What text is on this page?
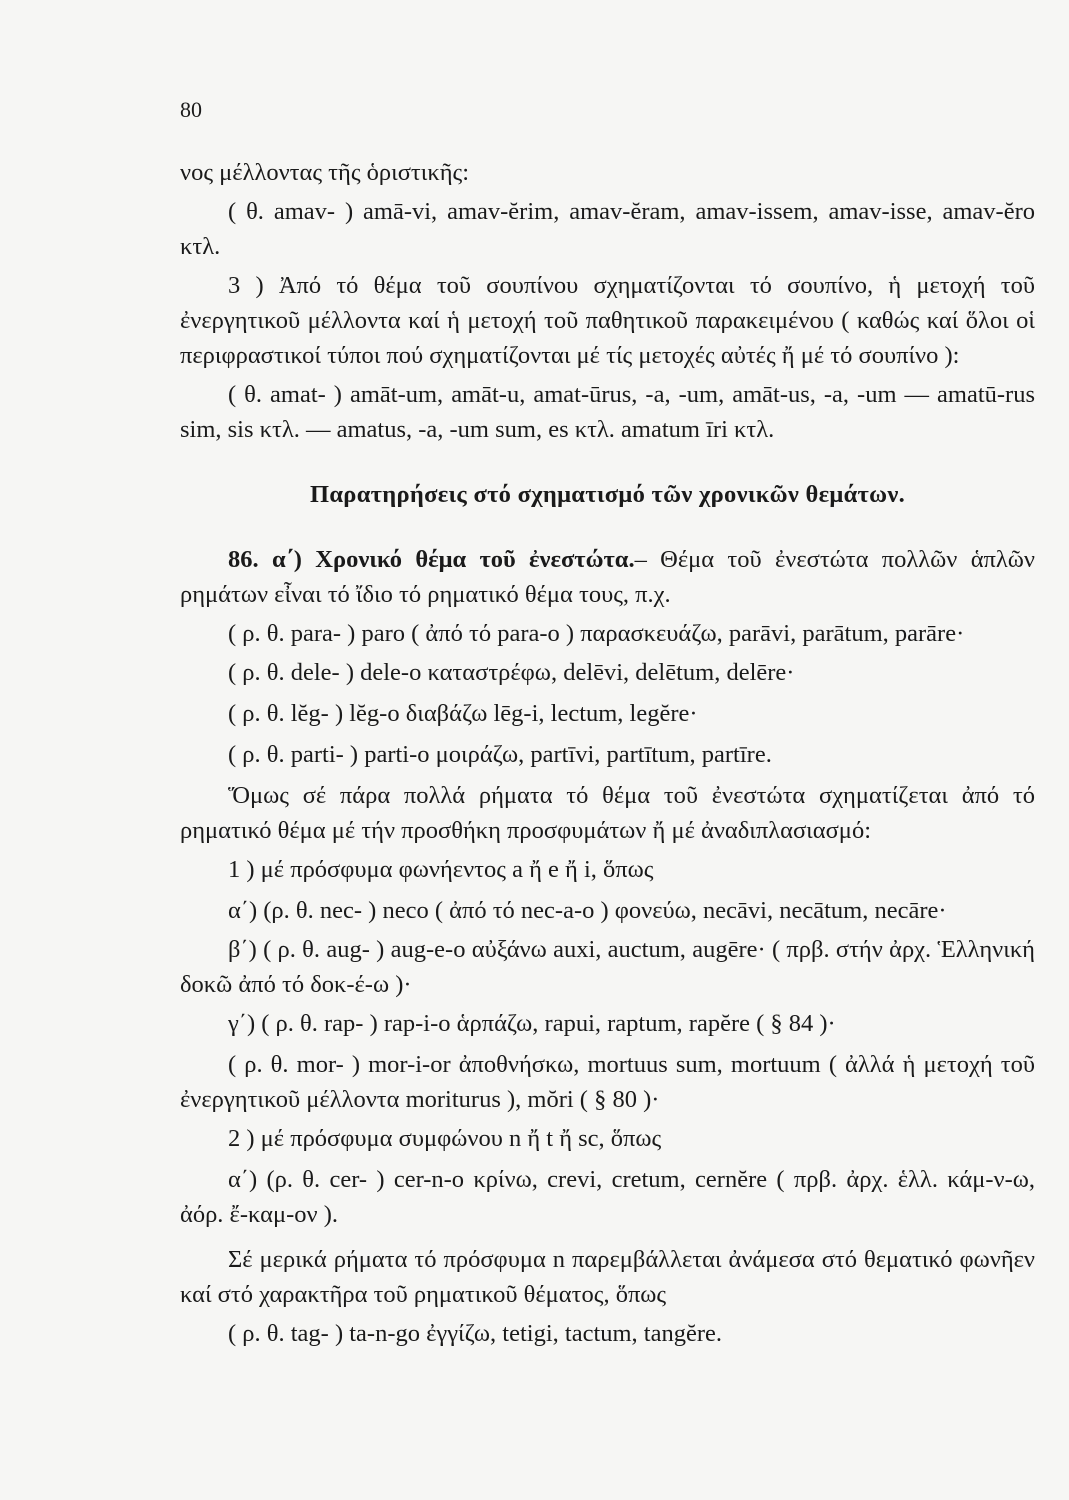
80

νος μέλλοντας τῆς ὁριστικῆς:

( θ. amav- ) amā-vi, amav-ĕrim, amav-ĕram, amav-issem, amav-isse, amav-ĕro κτλ.

3 ) Ἀπό τό θέμα τοῦ σουπίνου σχηματίζονται τό σουπίνο, ἡ μετοχή τοῦ ἐνεργητικοῦ μέλλοντα καί ἡ μετοχή τοῦ παθητικοῦ παρακειμένου ( καθώς καί ὅλοι οἱ περιφραστικοί τύποι πού σχηματίζονται μέ τίς μετοχές αὐτές ἤ μέ τό σουπίνο ):

( θ. amat- ) amāt-um, amāt-u, amat-ūrus, -a, -um, amāt-us, -a, -um — amatū-rus sim, sis κτλ. — amatus, -a, -um sum, es κτλ. amatum īri κτλ.

Παρατηρήσεις στό σχηματισμό τῶν χρονικῶν θεμάτων.

86. α΄) Χρονικό θέμα τοῦ ἐνεστώτα.– Θέμα τοῦ ἐνεστώτα πολλῶν ἁπλῶν ρημάτων εἶναι τό ἴδιο τό ρηματικό θέμα τους, π.χ.

( ρ. θ. para- ) paro ( ἀπό τό para-o ) παρασκευάζω, parāvi, parātum, parāre·

( ρ. θ. dele- ) dele-o καταστρέφω, delēvi, delētum, delēre·
( ρ. θ. lĕg- ) lĕg-o διαβάζω lēg-i, lectum, legĕre·
( ρ. θ. parti- ) parti-o μοιράζω, partīvi, partītum, partīre.

Ὅμως σέ πάρα πολλά ρήματα τό θέμα τοῦ ἐνεστώτα σχηματίζεται ἀπό τό ρηματικό θέμα μέ τήν προσθήκη προσφυμάτων ἤ μέ ἀναδιπλασιασμό:

1 ) μέ πρόσφυμα φωνήεντος a ἤ e ἤ i, ὅπως

α΄) (ρ. θ. nec- ) neco ( ἀπό τό nec-a-o ) φονεύω, necāvi, necātum, necāre·

β΄) ( ρ. θ. aug- ) aug-e-o αὐξάνω auxi, auctum, augēre· ( πρβ. στήν ἀρχ. Ἑλληνική δοκῶ ἀπό τό δοκ-έ-ω )·

γ΄) ( ρ. θ. rap- ) rap-i-o ἁρπάζω, rapui, raptum, rapĕre ( § 84 )·

( ρ. θ. mor- ) mor-i-or ἀποθνήσκω, mortuus sum, mortuum ( ἀλλά ἡ μετοχή τοῦ ἐνεργητικοῦ μέλλοντα moriturus ), mŏri ( § 80 )·

2 ) μέ πρόσφυμα συμφώνου n ἤ t ἤ sc, ὅπως

α΄) (ρ. θ. cer- ) cer-n-o κρίνω, crevi, cretum, cernĕre ( πρβ. ἀρχ. ἑλλ. κάμ-ν-ω, ἀόρ. ἔ-καμ-ον ).

Σέ μερικά ρήματα τό πρόσφυμα n παρεμβάλλεται ἀνάμεσα στό θεματικό φωνῆεν καί στό χαρακτῆρα τοῦ ρηματικοῦ θέματος, ὅπως

( ρ. θ. tag- ) ta-n-go ἐγγίζω, tetigi, tactum, tangĕre.
